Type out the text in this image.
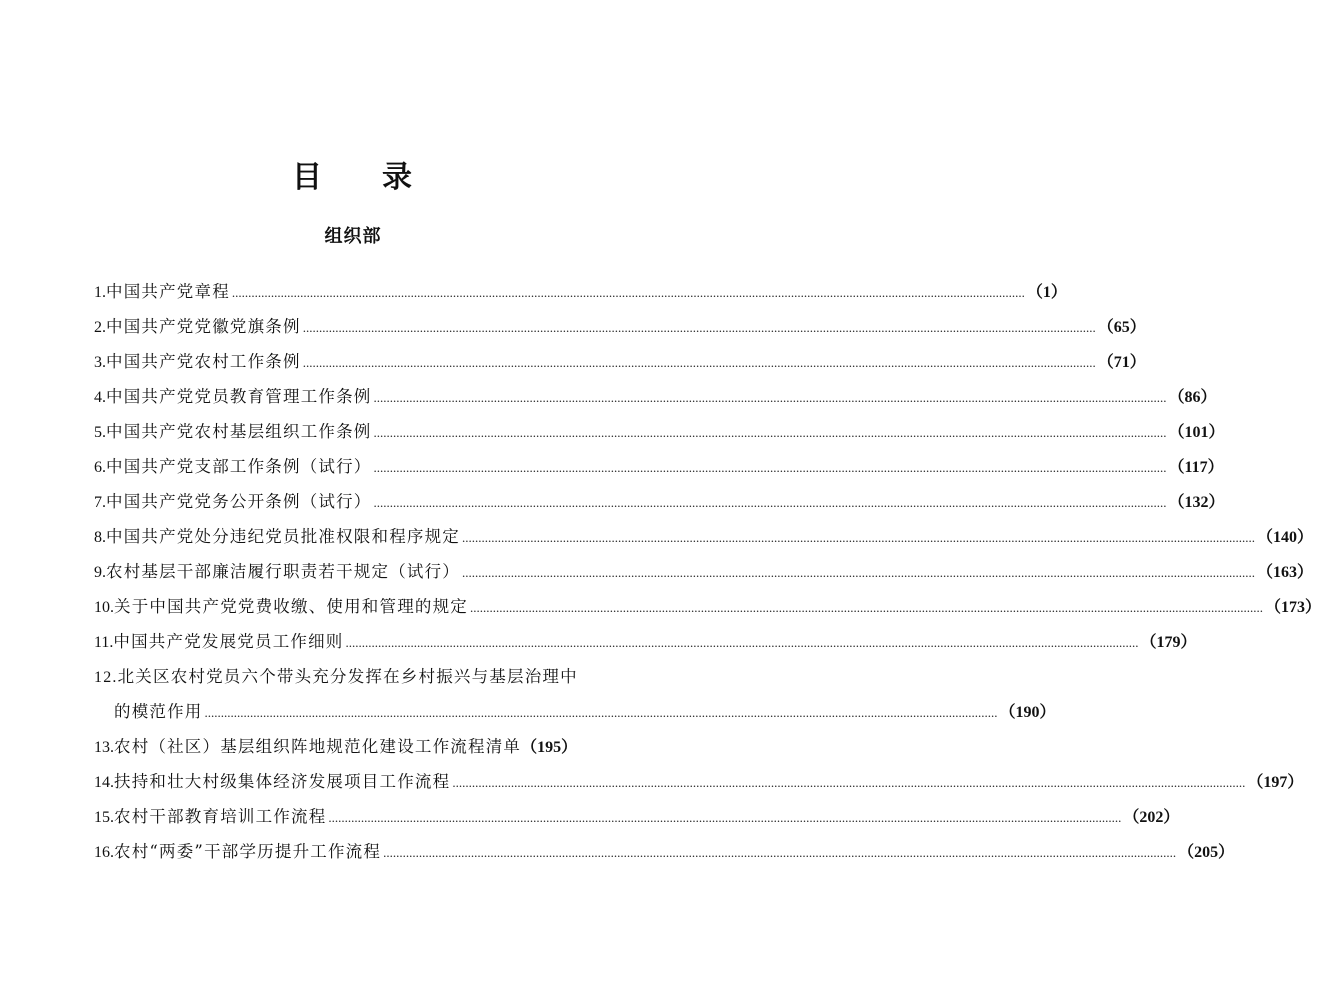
目 录
组织部
1. 中国共产党章程 .....	（1）
2. 中国共产党党徽党旗条例 .....	（65）
3. 中国共产党农村工作条例 .....	（71）
4. 中国共产党党员教育管理工作条例 .....	（86）
5. 中国共产党农村基层组织工作条例 .....	（101）
6. 中国共产党支部工作条例（试行） .....	（117）
7. 中国共产党党务公开条例（试行） .....	（132）
8. 中国共产党处分违纪党员批准权限和程序规定 .....	（140）
9. 农村基层干部廉洁履行职责若干规定（试行） .....	（163）
10. 关于中国共产党党费收缴、使用和管理的规定 .....	（173）
11. 中国共产党发展党员工作细则 .....	（179）
12. 北关区农村党员六个带头充分发挥在乡村振兴与基层治理中
的模范作用 .....	（190）
13. 农村（社区）基层组织阵地规范化建设工作流程清单 （195）
14. 扶持和壮大村级集体经济发展项目工作流程 .....	（197）
15. 农村干部教育培训工作流程 .....	（202）
16. 农村“两委”干部学历提升工作流程 .....	（205）
